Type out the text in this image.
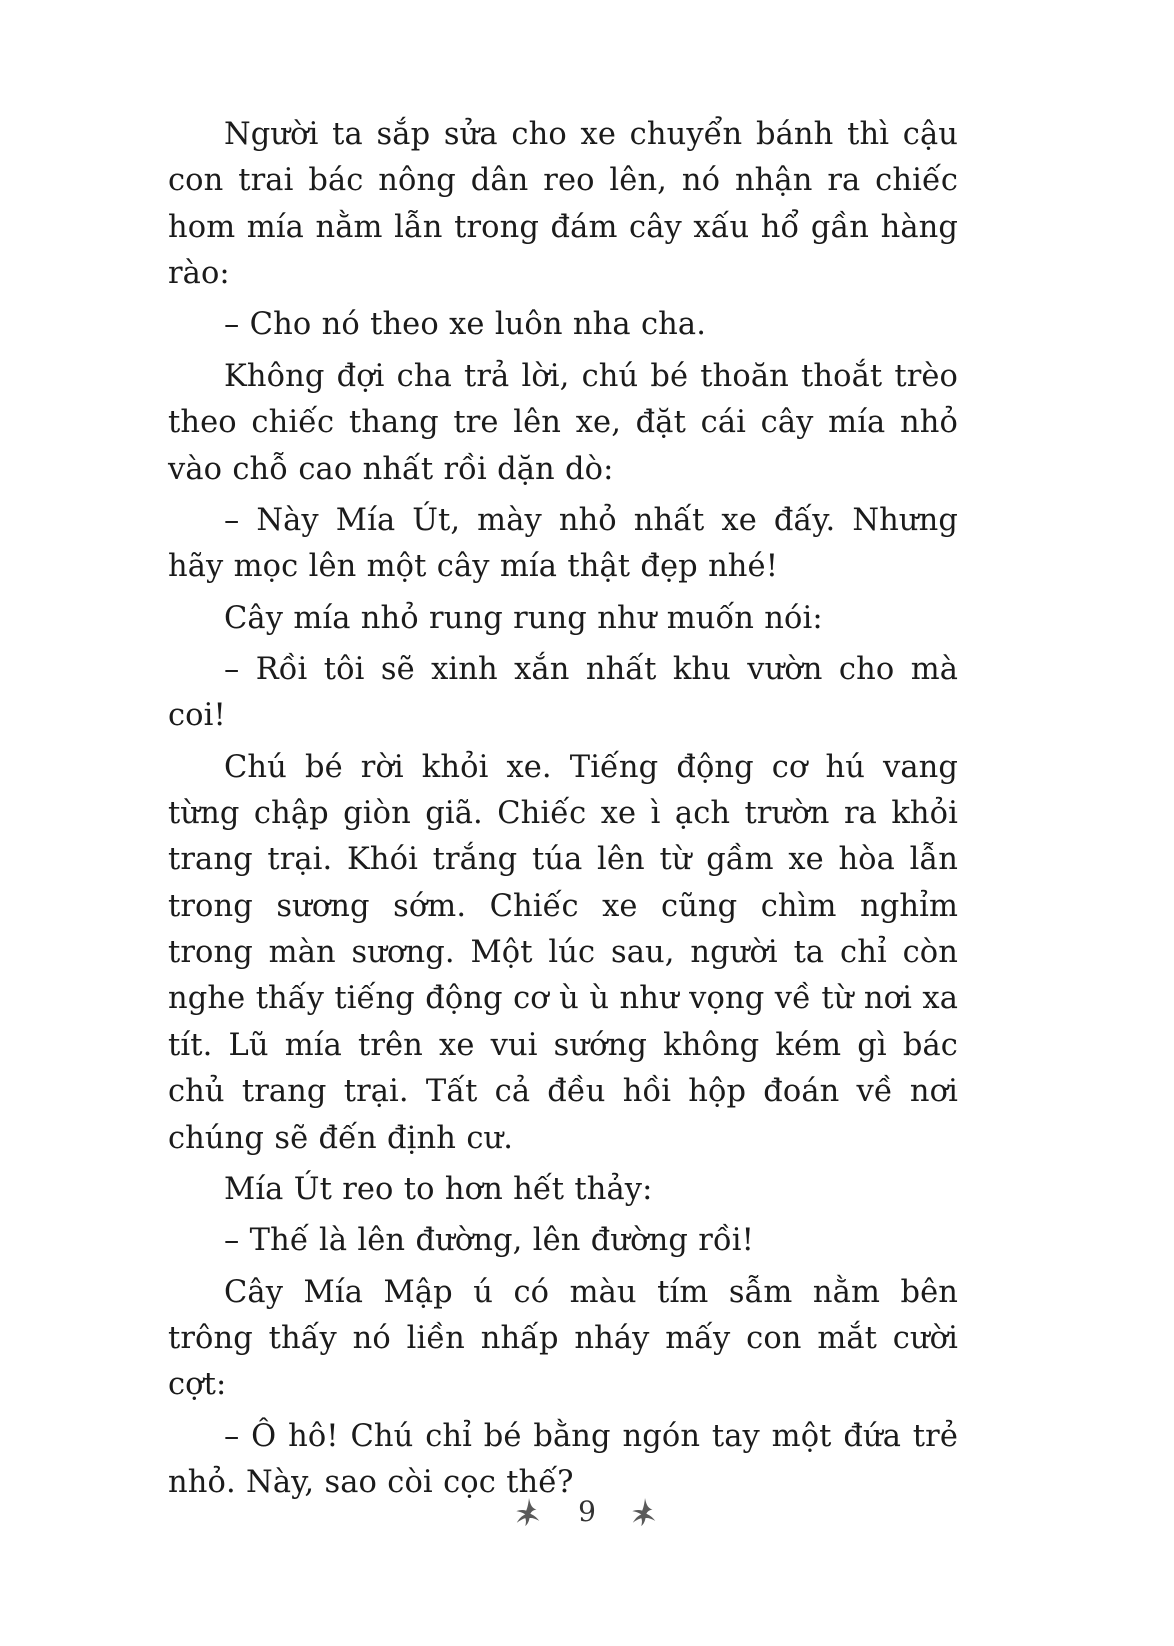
Người ta sắp sửa cho xe chuyển bánh thì cậu con trai bác nông dân reo lên, nó nhận ra chiếc hom mía nằm lẫn trong đám cây xấu hổ gần hàng rào:

– Cho nó theo xe luôn nha cha.

Không đợi cha trả lời, chú bé thoăn thoắt trèo theo chiếc thang tre lên xe, đặt cái cây mía nhỏ vào chỗ cao nhất rồi dặn dò:

– Này Mía Út, mày nhỏ nhất xe đấy. Nhưng hãy mọc lên một cây mía thật đẹp nhé!

Cây mía nhỏ rung rung như muốn nói:

– Rồi tôi sẽ xinh xắn nhất khu vườn cho mà coi!

Chú bé rời khỏi xe. Tiếng động cơ hú vang từng chập giòn giã. Chiếc xe ì ạch trườn ra khỏi trang trại. Khói trắng túa lên từ gầm xe hòa lẫn trong sương sớm. Chiếc xe cũng chìm nghỉm trong màn sương. Một lúc sau, người ta chỉ còn nghe thấy tiếng động cơ ù ù như vọng về từ nơi xa tít. Lũ mía trên xe vui sướng không kém gì bác chủ trang trại. Tất cả đều hồi hộp đoán về nơi chúng sẽ đến định cư.

Mía Út reo to hơn hết thảy:

– Thế là lên đường, lên đường rồi!

Cây Mía Mập ú có màu tím sẫm nằm bên trông thấy nó liền nhấp nháy mấy con mắt cười cợt:

– Ô hô! Chú chỉ bé bằng ngón tay một đứa trẻ nhỏ. Này, sao còi cọc thế?

9
